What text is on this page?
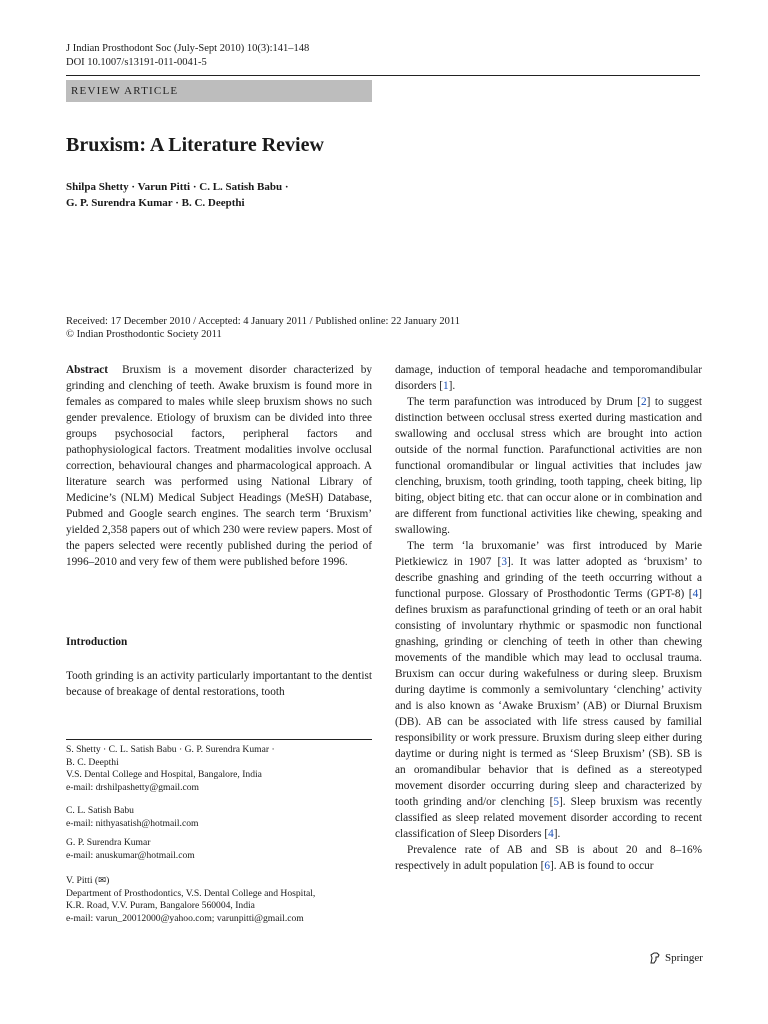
J Indian Prosthodont Soc (July-Sept 2010) 10(3):141–148
DOI 10.1007/s13191-011-0041-5
REVIEW ARTICLE
Bruxism: A Literature Review
Shilpa Shetty · Varun Pitti · C. L. Satish Babu ·
G. P. Surendra Kumar · B. C. Deepthi
Received: 17 December 2010 / Accepted: 4 January 2011 / Published online: 22 January 2011
© Indian Prosthodontic Society 2011

Abstract Bruxism is a movement disorder characterized by grinding and clenching of teeth. Awake bruxism is found more in females as compared to males while sleep bruxism shows no such gender prevalence. Etiology of bruxism can be divided into three groups psychosocial factors, peripheral factors and pathophysiological factors. Treatment modalities involve occlusal correction, behavioural changes and pharmacological approach. A literature search was performed using National Library of Medicine’s (NLM) Medical Subject Headings (MeSH) Database, Pubmed and Google search engines. The search term ‘Bruxism’ yielded 2,358 papers out of which 230 were review papers. Most of the papers selected were recently published during the period of 1996–2010 and very few of them were published before 1996.

Introduction

Tooth grinding is an activity particularly importantant to the dentist because of breakage of dental restorations, tooth

S. Shetty · C. L. Satish Babu · G. P. Surendra Kumar ·
B. C. Deepthi
V.S. Dental College and Hospital, Bangalore, India
e-mail: drshilpashetty@gmail.com
C. L. Satish Babu
e-mail: nithyasatish@hotmail.com
G. P. Surendra Kumar
e-mail: anuskumar@hotmail.com
V. Pitti (✉)
Department of Prosthodontics, V.S. Dental College and Hospital,
K.R. Road, V.V. Puram, Bangalore 560004, India
e-mail: varun_20012000@yahoo.com; varunpitti@gmail.com

damage, induction of temporal headache and temporomandibular disorders [1].

The term parafunction was introduced by Drum [2] to suggest distinction between occlusal stress exerted during mastication and swallowing and occlusal stress which are brought into action outside of the normal function. Parafunctional activities are non functional oromandibular or lingual activities that includes jaw clenching, bruxism, tooth grinding, tooth tapping, cheek biting, lip biting, object biting etc. that can occur alone or in combination and are different from functional activities like chewing, speaking and swallowing.

The term ‘la bruxomanie’ was first introduced by Marie Pietkiewicz in 1907 [3]. It was latter adopted as ‘bruxism’ to describe gnashing and grinding of the teeth occurring without a functional purpose. Glossary of Prosthodontic Terms (GPT-8) [4] defines bruxism as parafunctional grinding of teeth or an oral habit consisting of involuntary rhythmic or spasmodic non functional gnashing, grinding or clenching of teeth in other than chewing movements of the mandible which may lead to occlusal trauma. Bruxism can occur during wakefulness or during sleep. Bruxism during daytime is commonly a semivoluntary ‘clenching’ activity and is also known as ‘Awake Bruxism’ (AB) or Diurnal Bruxism (DB). AB can be associated with life stress caused by familial responsibility or work pressure. Bruxism during sleep either during daytime or during night is termed as ‘Sleep Bruxism’ (SB). SB is an oromandibular behavior that is defined as a stereotyped movement disorder occurring during sleep and characterized by tooth grinding and/or clenching [5]. Sleep bruxism was recently classified as sleep related movement disorder according to recent classification of Sleep Disorders [4].

Prevalence rate of AB and SB is about 20 and 8–16% respectively in adult population [6]. AB is found to occur

Springer
